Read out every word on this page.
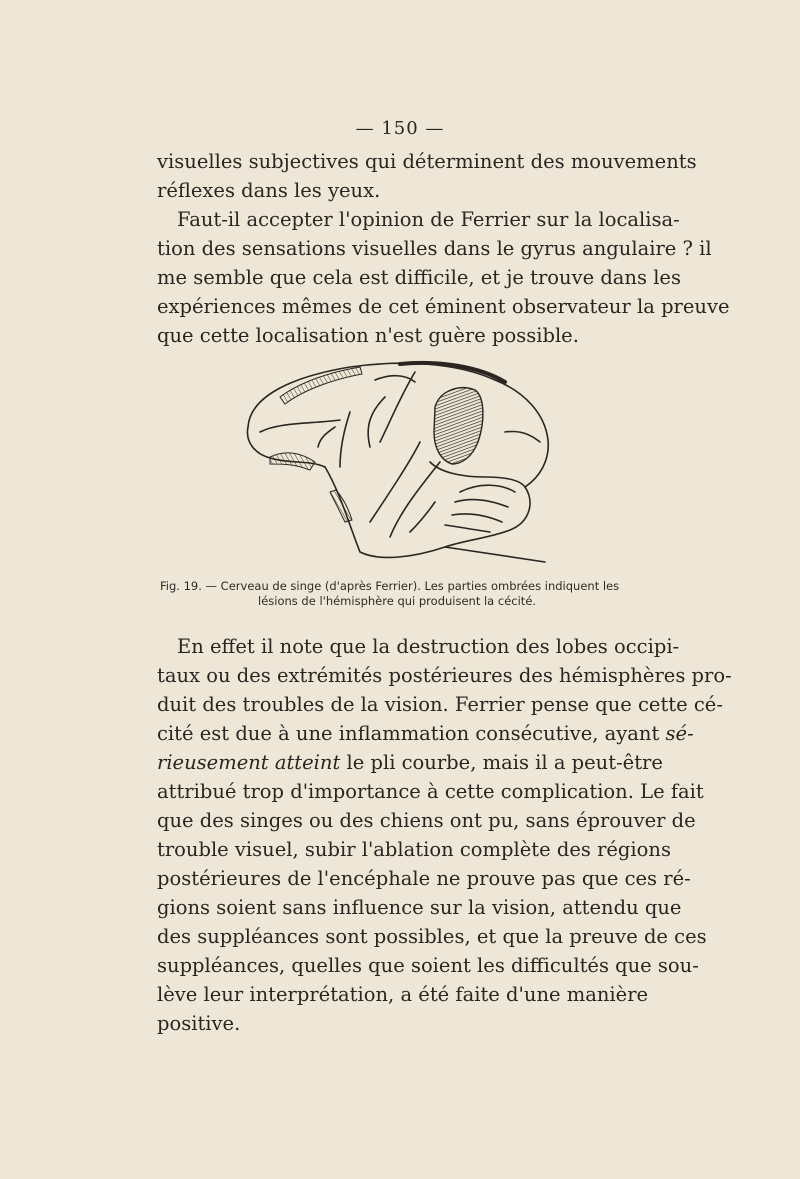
— 150 —
visuelles subjectives qui déterminent des mouvements
réflexes dans les yeux.
Faut-il accepter l'opinion de Ferrier sur la localisa-
tion des sensations visuelles dans le gyrus angulaire ? il
me semble que cela est difficile, et je trouve dans les
expériences mêmes de cet éminent observateur la preuve
que cette localisation n'est guère possible.
Fig. 19. — Cerveau de singe (d'après Ferrier). Les parties ombrées indiquent les
lésions de l'hémisphère qui produisent la cécité.
En effet il note que la destruction des lobes occipi-
taux ou des extrémités postérieures des hémisphères pro-
duit des troubles de la vision. Ferrier pense que cette cé-
cité est due à une inflammation consécutive, ayant sé-
rieusement atteint le pli courbe, mais il a peut-être
attribué trop d'importance à cette complication. Le fait
que des singes ou des chiens ont pu, sans éprouver de
trouble visuel, subir l'ablation complète des régions
postérieures de l'encéphale ne prouve pas que ces ré-
gions soient sans influence sur la vision, attendu que
des suppléances sont possibles, et que la preuve de ces
suppléances, quelles que soient les difficultés que sou-
lève leur interprétation, a été faite d'une manière
positive.
